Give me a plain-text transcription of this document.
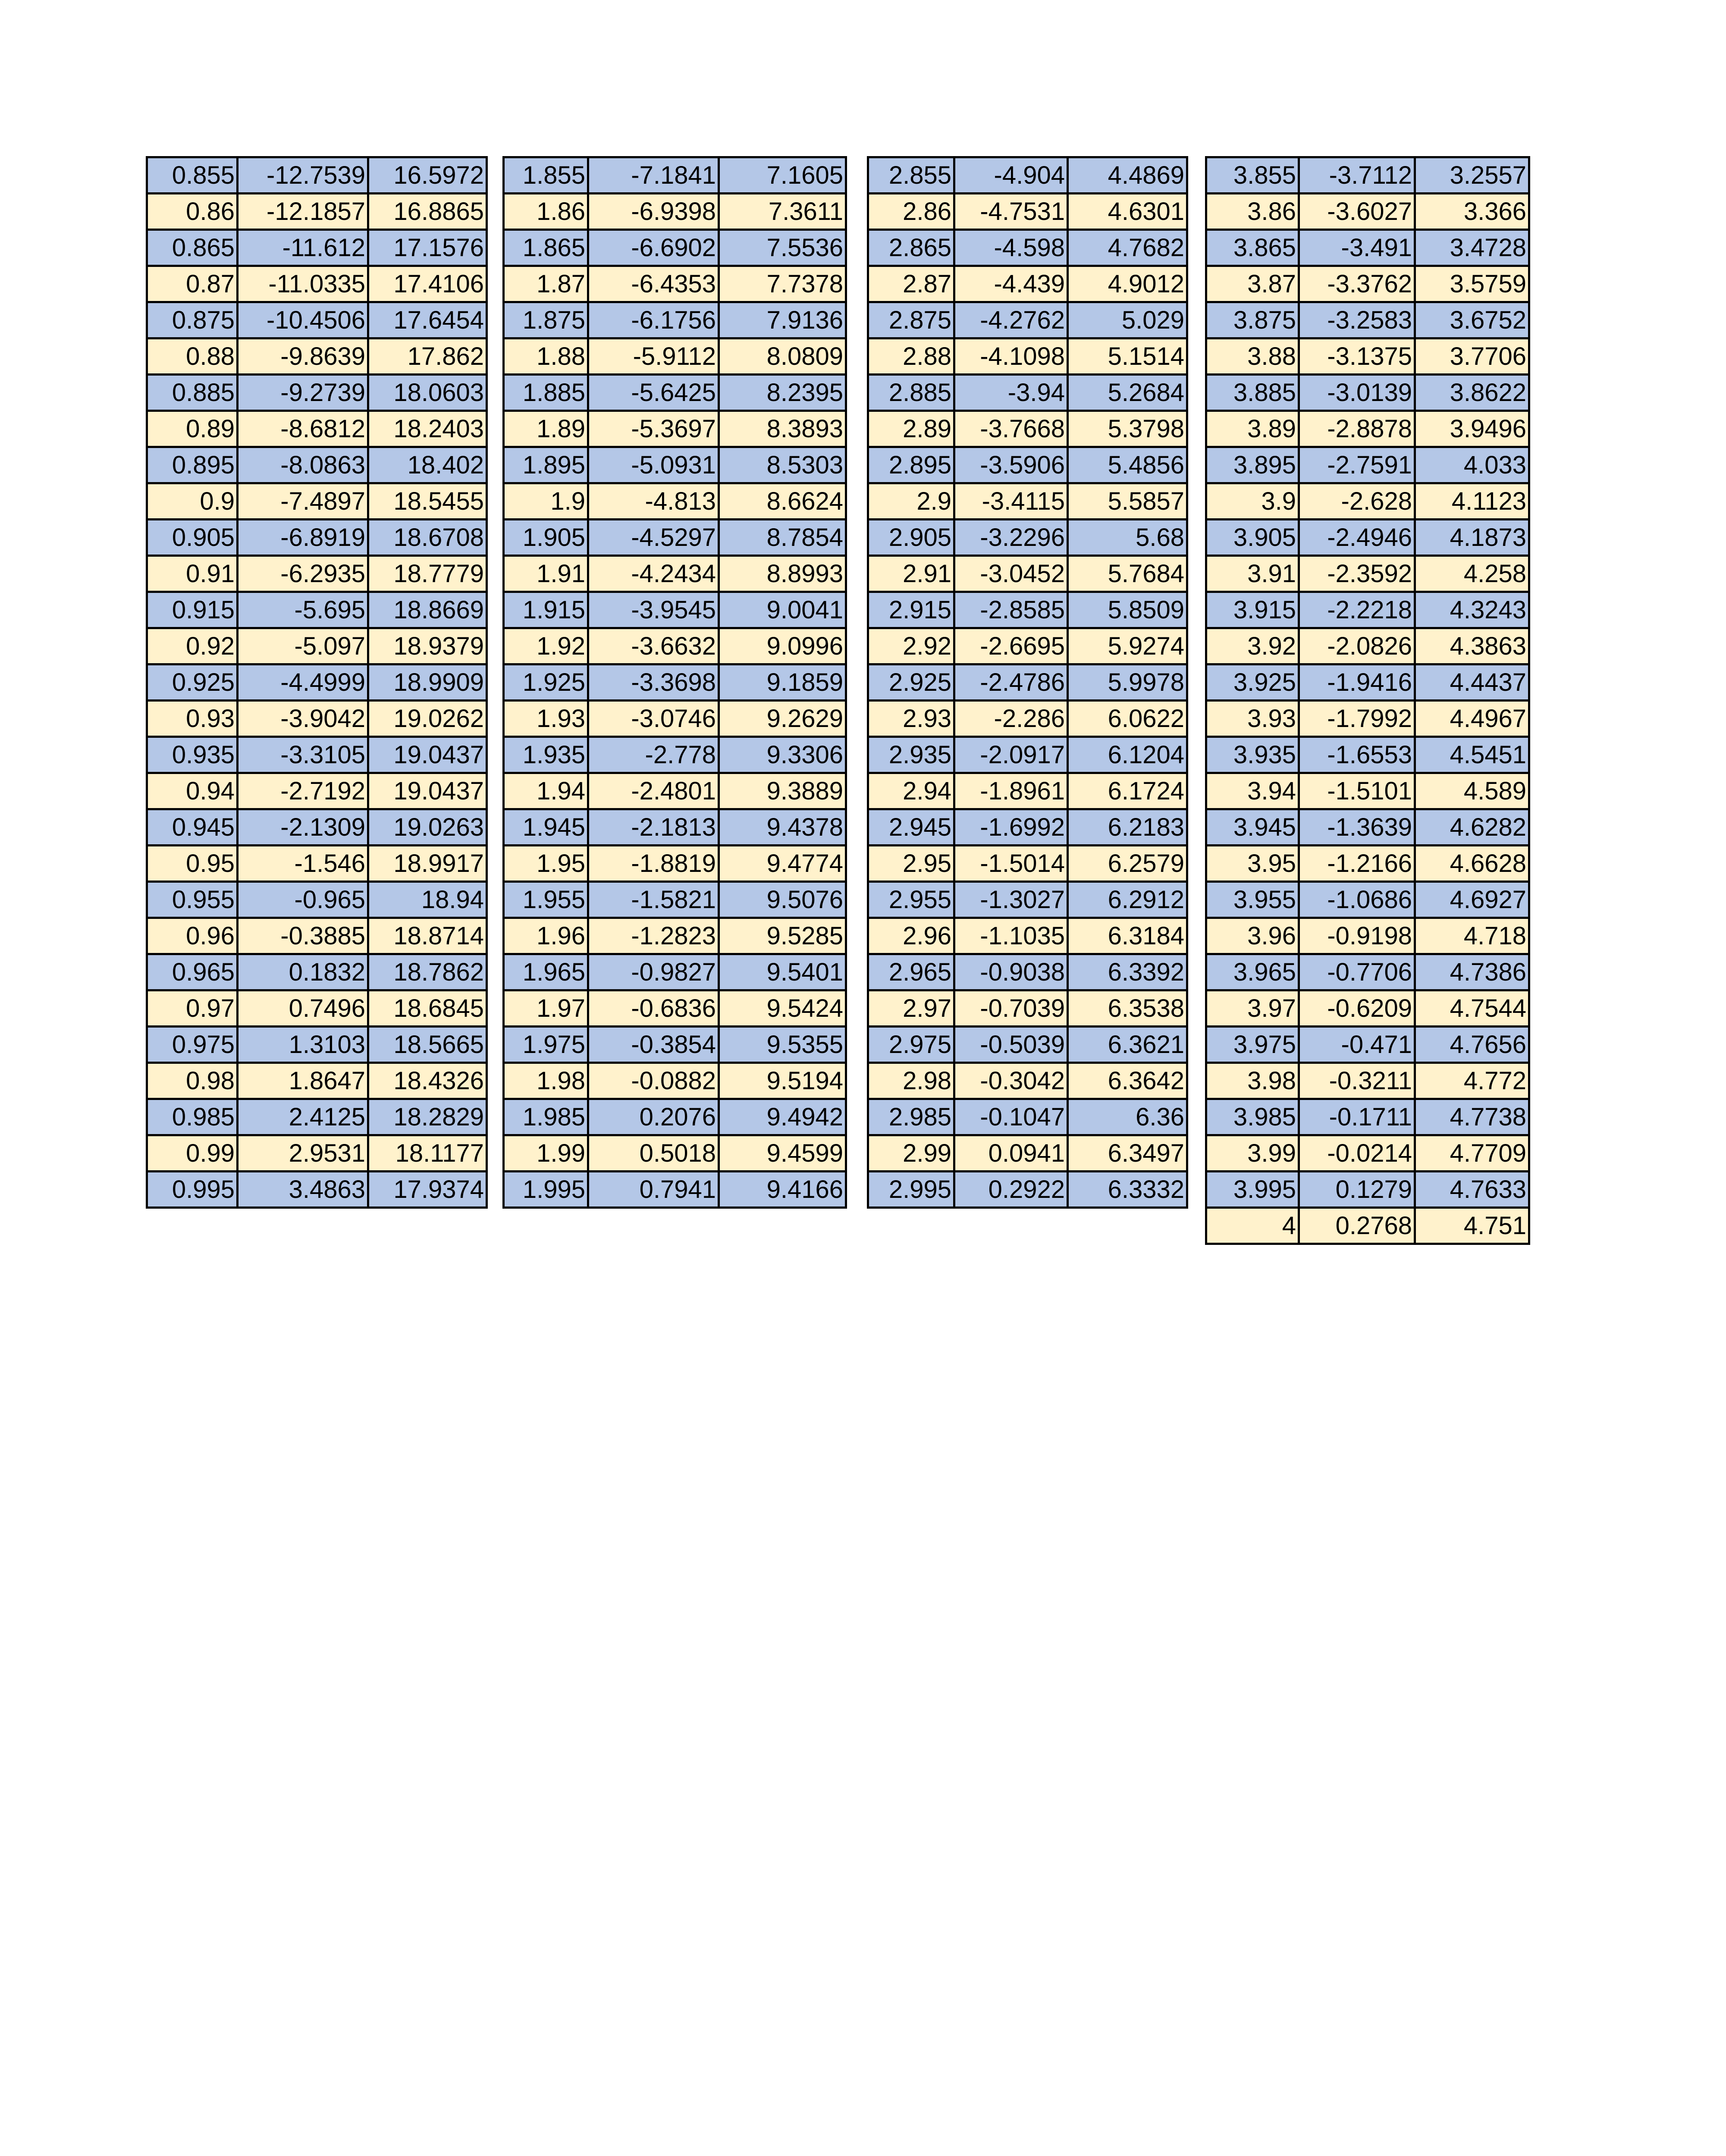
0.855	-12.7539	16.5972
0.86	-12.1857	16.8865
0.865	-11.612	17.1576
0.87	-11.0335	17.4106
0.875	-10.4506	17.6454
0.88	-9.8639	17.862
0.885	-9.2739	18.0603
0.89	-8.6812	18.2403
0.895	-8.0863	18.402
0.9	-7.4897	18.5455
0.905	-6.8919	18.6708
0.91	-6.2935	18.7779
0.915	-5.695	18.8669
0.92	-5.097	18.9379
0.925	-4.4999	18.9909
0.93	-3.9042	19.0262
0.935	-3.3105	19.0437
0.94	-2.7192	19.0437
0.945	-2.1309	19.0263
0.95	-1.546	18.9917
0.955	-0.965	18.94
0.96	-0.3885	18.8714
0.965	0.1832	18.7862
0.97	0.7496	18.6845
0.975	1.3103	18.5665
0.98	1.8647	18.4326
0.985	2.4125	18.2829
0.99	2.9531	18.1177
0.995	3.4863	17.9374
1.855	-7.1841	7.1605
1.86	-6.9398	7.3611
1.865	-6.6902	7.5536
1.87	-6.4353	7.7378
1.875	-6.1756	7.9136
1.88	-5.9112	8.0809
1.885	-5.6425	8.2395
1.89	-5.3697	8.3893
1.895	-5.0931	8.5303
1.9	-4.813	8.6624
1.905	-4.5297	8.7854
1.91	-4.2434	8.8993
1.915	-3.9545	9.0041
1.92	-3.6632	9.0996
1.925	-3.3698	9.1859
1.93	-3.0746	9.2629
1.935	-2.778	9.3306
1.94	-2.4801	9.3889
1.945	-2.1813	9.4378
1.95	-1.8819	9.4774
1.955	-1.5821	9.5076
1.96	-1.2823	9.5285
1.965	-0.9827	9.5401
1.97	-0.6836	9.5424
1.975	-0.3854	9.5355
1.98	-0.0882	9.5194
1.985	0.2076	9.4942
1.99	0.5018	9.4599
1.995	0.7941	9.4166
2.855	-4.904	4.4869
2.86	-4.7531	4.6301
2.865	-4.598	4.7682
2.87	-4.439	4.9012
2.875	-4.2762	5.029
2.88	-4.1098	5.1514
2.885	-3.94	5.2684
2.89	-3.7668	5.3798
2.895	-3.5906	5.4856
2.9	-3.4115	5.5857
2.905	-3.2296	5.68
2.91	-3.0452	5.7684
2.915	-2.8585	5.8509
2.92	-2.6695	5.9274
2.925	-2.4786	5.9978
2.93	-2.286	6.0622
2.935	-2.0917	6.1204
2.94	-1.8961	6.1724
2.945	-1.6992	6.2183
2.95	-1.5014	6.2579
2.955	-1.3027	6.2912
2.96	-1.1035	6.3184
2.965	-0.9038	6.3392
2.97	-0.7039	6.3538
2.975	-0.5039	6.3621
2.98	-0.3042	6.3642
2.985	-0.1047	6.36
2.99	0.0941	6.3497
2.995	0.2922	6.3332
3.855	-3.7112	3.2557
3.86	-3.6027	3.366
3.865	-3.491	3.4728
3.87	-3.3762	3.5759
3.875	-3.2583	3.6752
3.88	-3.1375	3.7706
3.885	-3.0139	3.8622
3.89	-2.8878	3.9496
3.895	-2.7591	4.033
3.9	-2.628	4.1123
3.905	-2.4946	4.1873
3.91	-2.3592	4.258
3.915	-2.2218	4.3243
3.92	-2.0826	4.3863
3.925	-1.9416	4.4437
3.93	-1.7992	4.4967
3.935	-1.6553	4.5451
3.94	-1.5101	4.589
3.945	-1.3639	4.6282
3.95	-1.2166	4.6628
3.955	-1.0686	4.6927
3.96	-0.9198	4.718
3.965	-0.7706	4.7386
3.97	-0.6209	4.7544
3.975	-0.471	4.7656
3.98	-0.3211	4.772
3.985	-0.1711	4.7738
3.99	-0.0214	4.7709
3.995	0.1279	4.7633
4	0.2768	4.751
